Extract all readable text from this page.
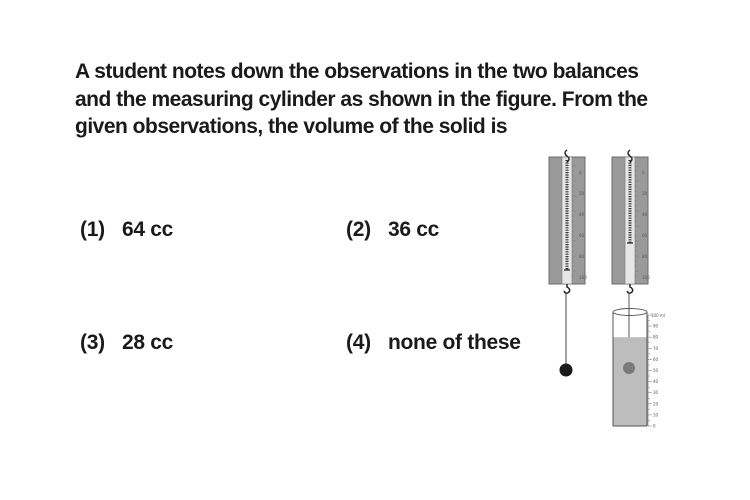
A student notes down the observations in the two balances
and the measuring cylinder as shown in the figure. From the
given observations, the volume of the solid is
(1) 64 cc	(2) 36 cc
(3) 28 cc	(4) none of these
0
20
40
60
80
100
0
20
40
60
80
100
100 ml
90
80
70
60
50
40
30
20
10
0
